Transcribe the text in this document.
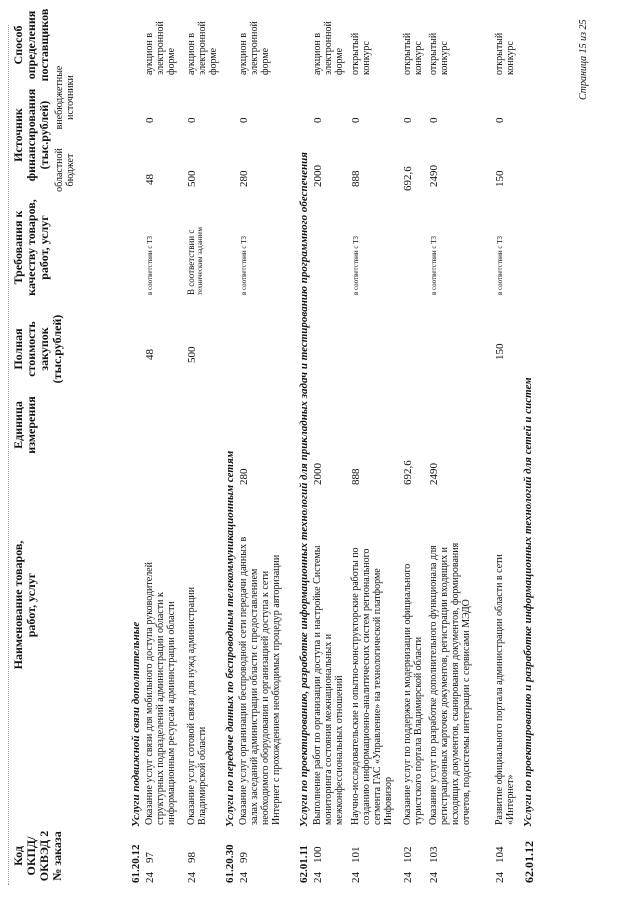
Код ОКПД/ ОКВЭД 2 № заказа
Наименование товаров, работ, услуг
Единица измерения
Полная стоимость закупок (тыс.рублей)
Требования к качеству товаров, работ, услуг
Источник финансирования (тыс.рублей)
областной бюджет
внебюджетные источники
Способ определения поставщиков
61.20.12
Услуги подвижной связи дополнительные
24
97
Оказание услуг связи для мобильного доступа руководителей структурных подразделений администрации области к информационным ресурсам администрации области
48
в соответствии с ТЗ
48
0
аукцион в электронной форме
24
98
Оказание услуг сотовой связи для нужд администрации Владимирской области
500
В соответствии с техническим заданием
500
0
аукцион в электронной форме
61.20.30
Услуги по передаче данных по беспроводным телекоммуникационным сетям
24
99
Оказание услуг организации беспроводной сети передачи данных в залах заседаний администрации области с предоставлением необходимого оборудования и организацией доступа к сети Интернет с прохождением необходимых процедур авторизации
280
в соответствии с ТЗ
280
0
аукцион в электронной форме
62.01.11
Услуги по проектированию, разработке информационных технологий для прикладных задач и тестированию программного обеспечения
24
100
Выполнение работ по организации доступа и настройке Системы мониторинга состояния межнациональных и межконфессиональных отношений
2000
2000
0
аукцион в электронной форме
24
101
Научно-исследовательские и опытно-конструкторские работы по созданию информационно-аналитических систем регионального сегмента ГАС «Управление» на технологической платформе Инфовизор
888
в соответствии с ТЗ
888
0
открытый конкурс
24
102
Оказание услуг по поддержке и модернизации официального туристского портала Владимирской области
692,6
692,6
0
открытый конкурс
24
103
Оказание услуг по разработке дополнительного функционала для регистрационных карточек документов, регистрации входящих и исходящих документов, сканирования документов, формирования отчетов, подсистемы интеграции с сервисами МЭДО
2490
в соответствии с ТЗ
2490
0
открытый конкурс
24
104
Развитие официального портала администрации области в сети «Интернет»
150
в соответствии с ТЗ
150
0
открытый конкурс
62.01.12
Услуги по проектированию и разработке информационных технологий для сетей и систем
Страница 15 из 25
